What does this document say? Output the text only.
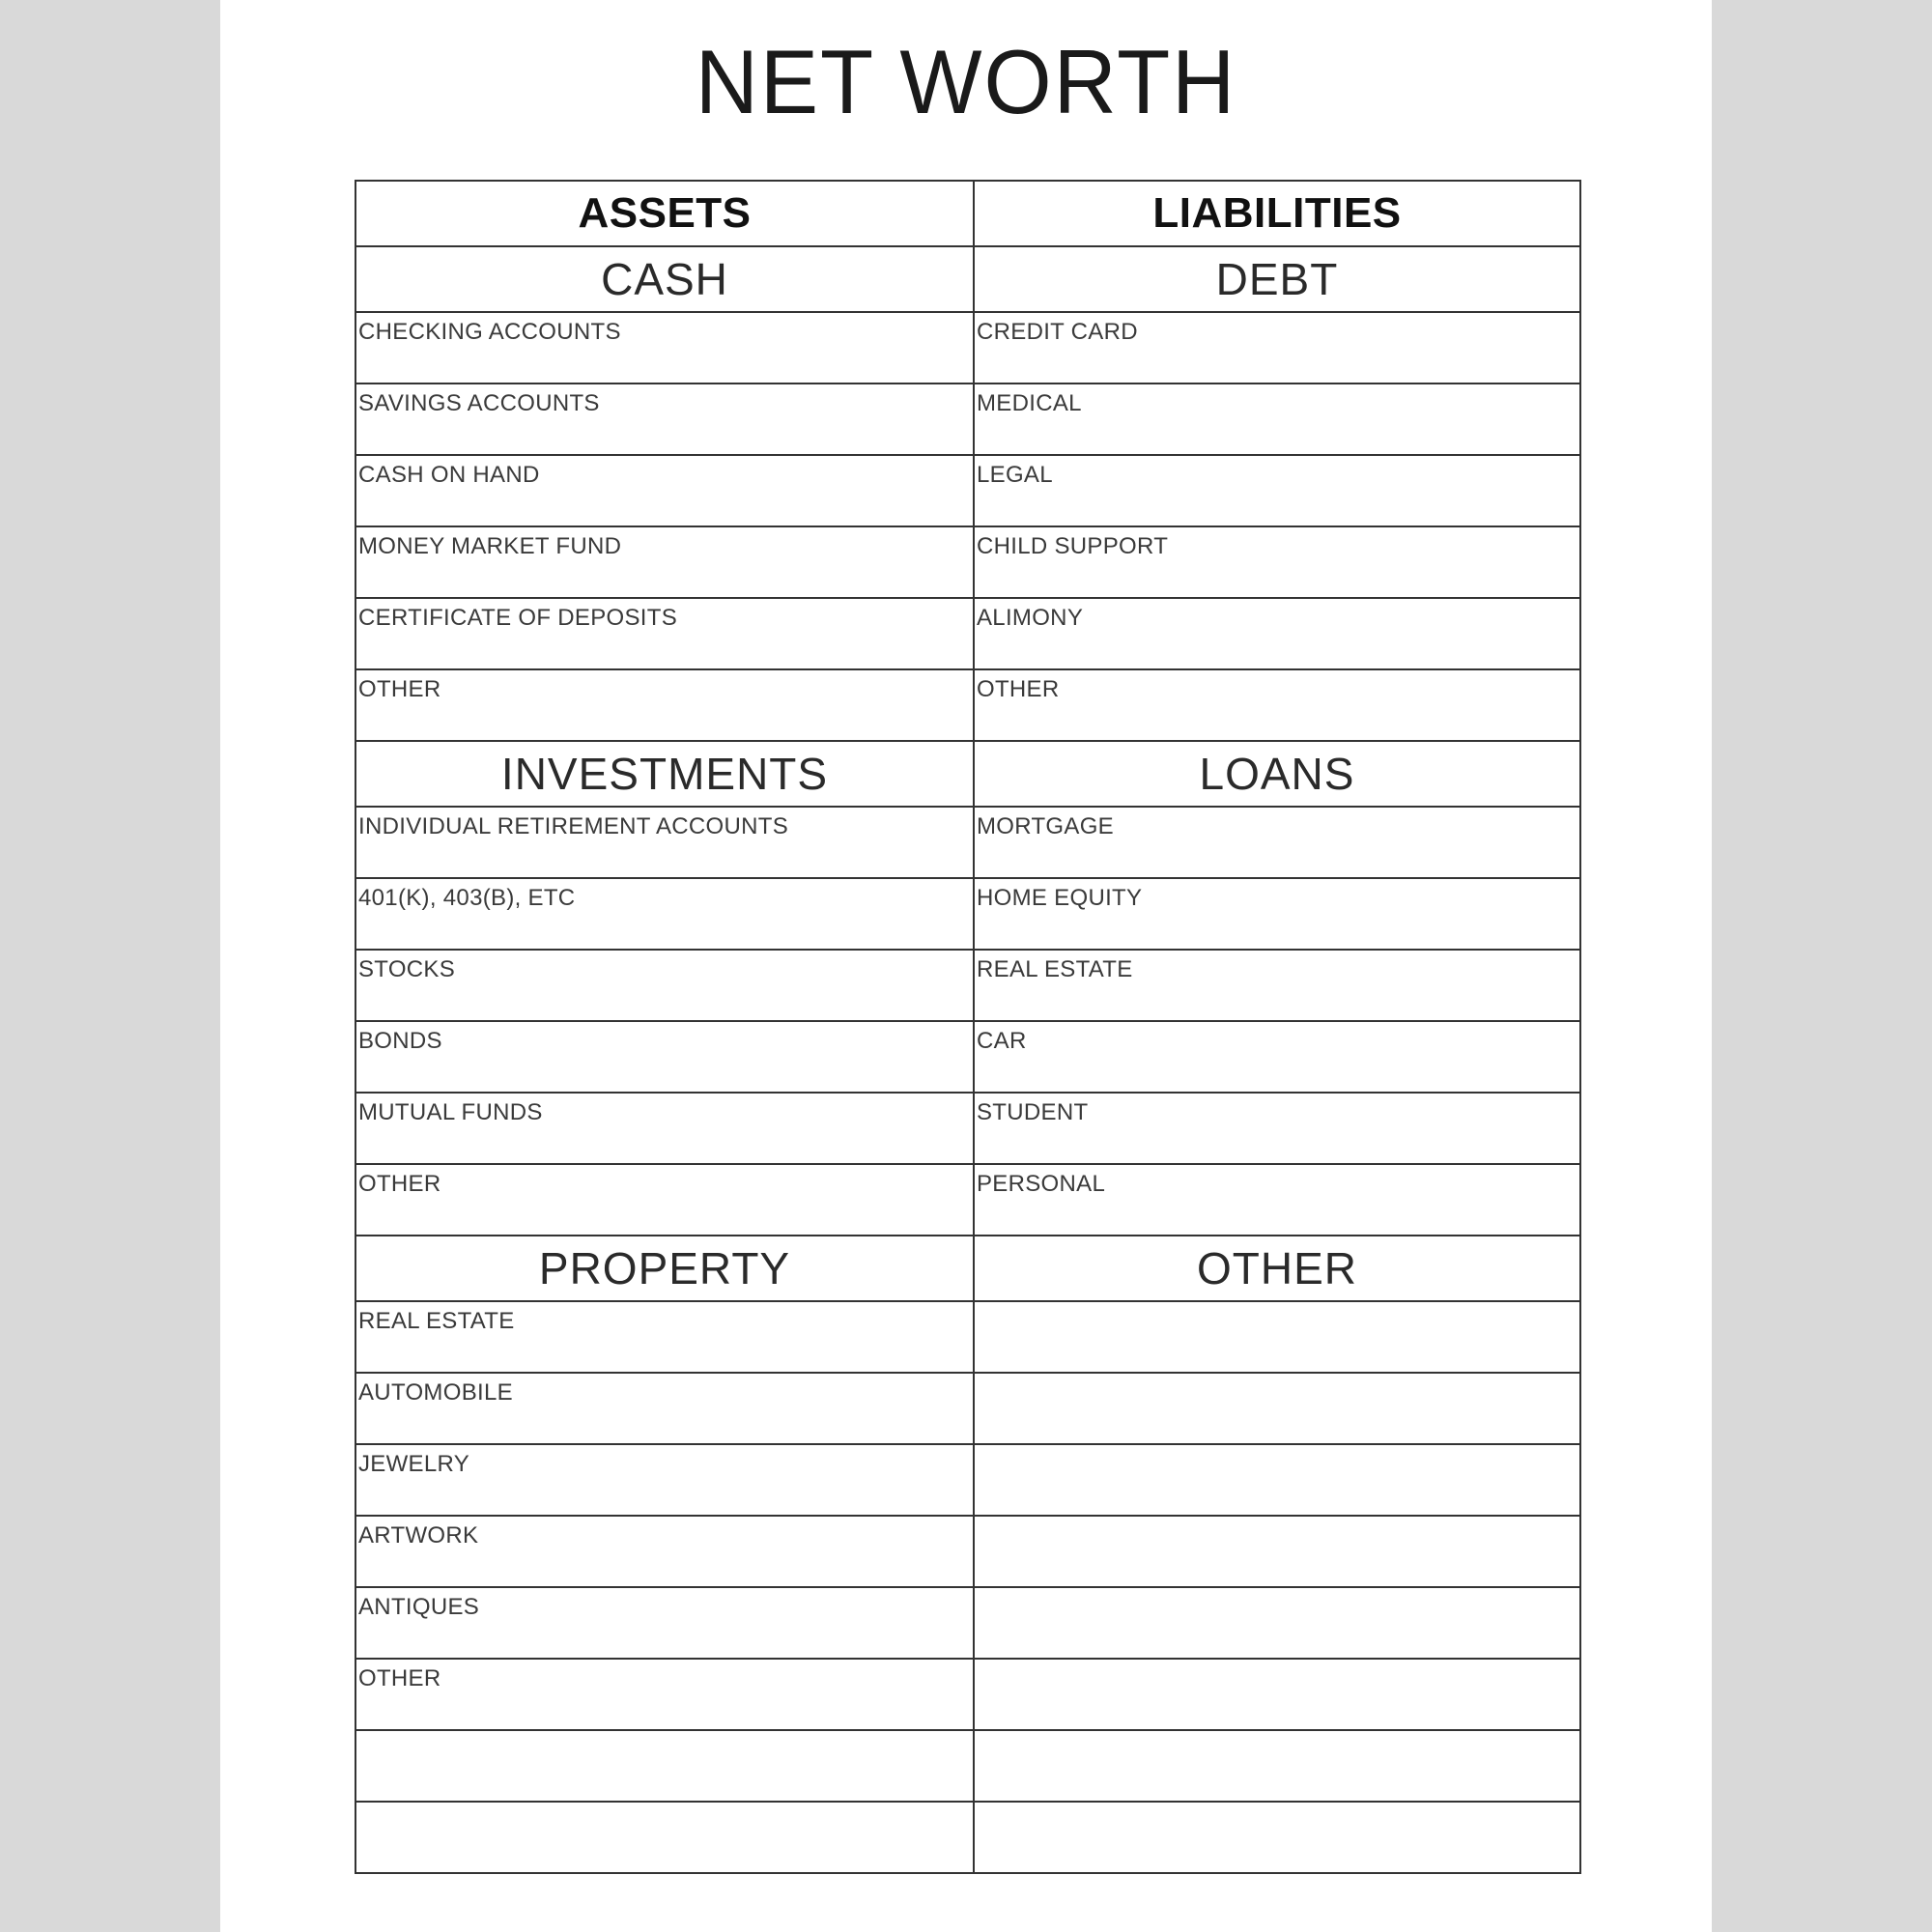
NET WORTH
ASSETS	LIABILITIES
CASH	DEBT
CHECKING ACCOUNTS	CREDIT CARD
SAVINGS ACCOUNTS	MEDICAL
CASH ON HAND	LEGAL
MONEY MARKET FUND	CHILD SUPPORT
CERTIFICATE OF DEPOSITS	ALIMONY
OTHER	OTHER
INVESTMENTS	LOANS
INDIVIDUAL RETIREMENT ACCOUNTS	MORTGAGE
401(K), 403(B), ETC	HOME EQUITY
STOCKS	REAL ESTATE
BONDS	CAR
MUTUAL FUNDS	STUDENT
OTHER	PERSONAL
PROPERTY	OTHER
REAL ESTATE	
AUTOMOBILE	
JEWELRY	
ARTWORK	
ANTIQUES	
OTHER	
